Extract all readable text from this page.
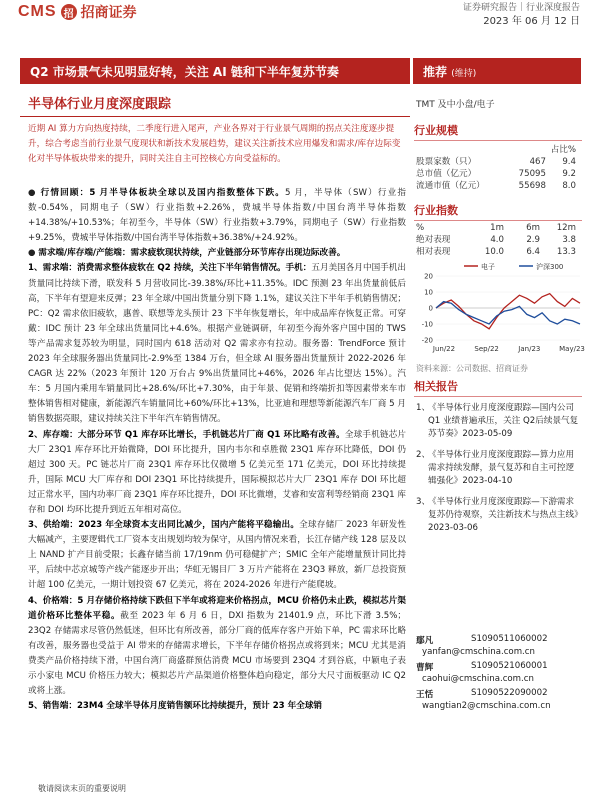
CMS 招 招商证券	证券研究报告｜行业深度报告
2023 年 06 月 12 日
Q2 市场景气未见明显好转，关注 AI 链和下半年复苏节奏	推荐 (维持)
半导体行业月度深度跟踪
近期 AI 算力方向热度持续，二季度行进入尾声，产业各界对于行业景气周期的拐点关注度逐步提升，综合考虑当前行业景气度现状和新技术发展趋势，建议关注新技术应用爆发和需求/库存边际变化对半导体板块带来的提升，同时关注自主可控核心方向受益标的。

● 行情回顾：5 月半导体板块全球以及国内指数整体下跌。5 月，半导体（SW）行业指数-0.54%，同期电子（SW）行业指数+2.26%，费城半导体指数/中国台湾半导体指数+14.38%/+10.53%；年初至今，半导体（SW）行业指数+3.79%，同期电子（SW）行业指数+9.25%，费城半导体指数/中国台湾半导体指数+36.38%/+24.92%。

● 需求端/库存端/产能端：需求疲软现状持续，产业链部分环节库存出现边际改善。

1、需求端：消费需求整体疲软在 Q2 持续，关注下半年销售情况。手机：五月美国各月中国手机出货量同比持续下滑，联发科 5 月营收同比-39.38%/环比+11.35%。IDC 预测 23 年出货量前低后高，下半年有望迎来反弹；23 年全球/中国出货量分别下降 1.1%，建议关注下半年手机销售情况；PC：Q2 需求依旧疲软，惠普、联想等龙头预计 23 下半年恢复增长，年中成品库存恢复正常。可穿戴：IDC 预计 23 年全球出货量同比+4.6%。根据产业链调研，年初至今海外客户国中国的 TWS 等产品需求复苏较为明显，同时国内 618 活动对 Q2 需求亦有拉动。服务器：TrendForce 预计 2023 年全球服务器出货量同比-2.9%至 1384 万台，但全球 AI 服务器出货量预计 2022-2026 年 CAGR 达 22%（2023 年预计 120 万台占 9%出货量同比+46%，2026 年占比望达 15%）。汽车：5 月国内乘用车销量同比+28.6%/环比+7.30%，由于年景、促销和终端折扣等因素带来车市整体销售相对健康，新能源汽车销量同比+60%/环比+13%，比亚迪和理想等新能源汽车厂商 5 月销售数据亮眼，建议持续关注下半年汽车销售情况。

2、库存端：大部分环节 Q1 库存环比增长，手机链芯片厂商 Q1 环比略有改善。全球手机链芯片大厂 23Q1 库存环比开始微降，DOI 环比提升，国内韦尔和卓胜微 23Q1 库存环比降低，DOI 仍超过 300 天。PC 链芯片厂商 23Q1 库存环比仅微增 5 亿美元至 171 亿美元，DOI 环比持续提升，国际 MCU 大厂库存和 DOI 23Q1 环比持续提升，国际模拟芯片大厂 23Q1 库存 DOI 环比超过正常水平，国内功率厂商 23Q1 库存环比提升，DOI 环比微增，艾睿和安富利等经销商 23Q1 库存和 DOI 均环比提升到近五年相对高位。

3、供给端：2023 年全球资本支出同比减少，国内产能将平稳输出。全球存储厂 2023 年研发性大幅减产，主要逻辑代工厂资本支出规划均较为保守，从国内情况来看，长江存储产线 128 层及以上 NAND 扩产目前受限；长鑫存储当前 17/19nm 仍可稳健扩产；SMIC 全年产能增量预计同比持平，后续中芯京城等产线产能逐步开出；华虹无锡目厂 3 万片产能将在 23Q3 释放，新厂总投资预计超 100 亿美元，一期计划投资 67 亿美元，将在 2024-2026 年进行产能爬坡。

4、价格端：5 月存储价格持续下跌但下半年或将迎来价格拐点，MCU 价格仍未止跌，模拟芯片渠道价格环比整体平稳。截至 2023 年 6 月 6 日，DXI 指数为 21401.9 点，环比下滑 3.5%；23Q2 存储需求尽管仍然低迷，但环比有所改善，部分厂商的低库存客户开始下单，PC 需求环比略有改善，服务器也受益于 AI 带来的存储需求增长，下半年存储价格拐点或将到来；MCU 尤其是消费类产品价格持续下滑，中国台湾厂商盛群预估消费 MCU 市场要到 23Q4 才到谷底，中颖电子表示小家电 MCU 价格压力较大；模拟芯片产品渠道价格整体趋向稳定，部分大尺寸面板驱动 IC Q2 或将上涨。

5、销售端：23M4 全球半导体月度销售额环比持续提升，预计 23 年全球销

TMT 及中小盘/电子
行业规模
占比%
股票家数（只）	467	9.4
总市值（亿元）	75095	9.2
流通市值（亿元）	55698	8.0
行业指数
%	1m	6m	12m
绝对表现	4.0	2.9	3.8
相对表现	10.0	6.4	13.3
电子	沪深300
20
10
0
-10
-20
Jun/22	Sep/22	Jan/23	May/23
资料来源：公司数据、招商证券
相关报告
1、
《半导体行业月度深度跟踪—国内公司 Q1 业绩普遍承压，关注 Q2后续景气复苏节奏》2023-05-09
2、
《半导体行业月度深度跟踪—算力应用需求持续发酵，景气复苏和自主可控逻辑强化》2023-04-10
3、
《半导体行业月度深度跟踪—下游需求复苏仍待观察，关注新技术与热点主线》2023-03-06
鄢凡	S1090511060002
yanfan@cmschina.com.cn
曹辉	S1090521060001
caohui@cmschina.com.cn
王恬	S1090522090002
wangtian2@cmschina.com.cn
敬请阅读末页的重要说明
